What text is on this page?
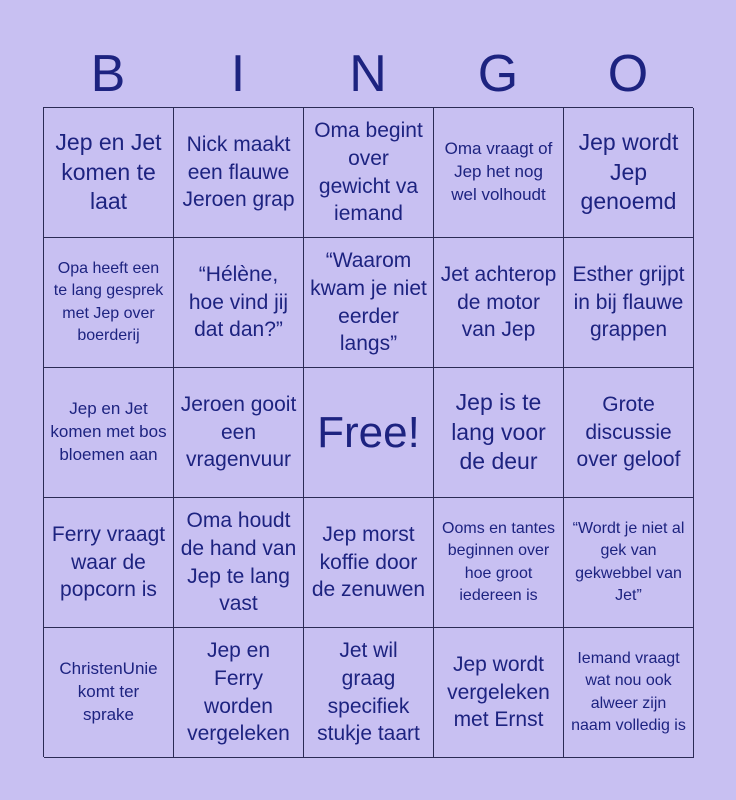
B	I	N	G	O
Jep en Jet komen te laat
Nick maakt een flauwe Jeroen grap
Oma begint over gewicht va iemand
Oma vraagt of Jep het nog wel volhoudt
Jep wordt Jep genoemd
Opa heeft een te lang gesprek met Jep over boerderij
“Hélène, hoe vind jij dat dan?”
“Waarom kwam je niet eerder langs”
Jet achterop de motor van Jep
Esther grijpt in bij flauwe grappen
Jep en Jet komen met bos bloemen aan
Jeroen gooit een vragenvuur
Free!
Jep is te lang voor de deur
Grote discussie over geloof
Ferry vraagt waar de popcorn is
Oma houdt de hand van Jep te lang vast
Jep morst koffie door de zenuwen
Ooms en tantes beginnen over hoe groot iedereen is
“Wordt je niet al gek van gekwebbel van Jet”
ChristenUnie komt ter sprake
Jep en Ferry worden vergeleken
Jet wil graag specifiek stukje taart
Jep wordt vergeleken met Ernst
Iemand vraagt wat nou ook alweer zijn naam volledig is
